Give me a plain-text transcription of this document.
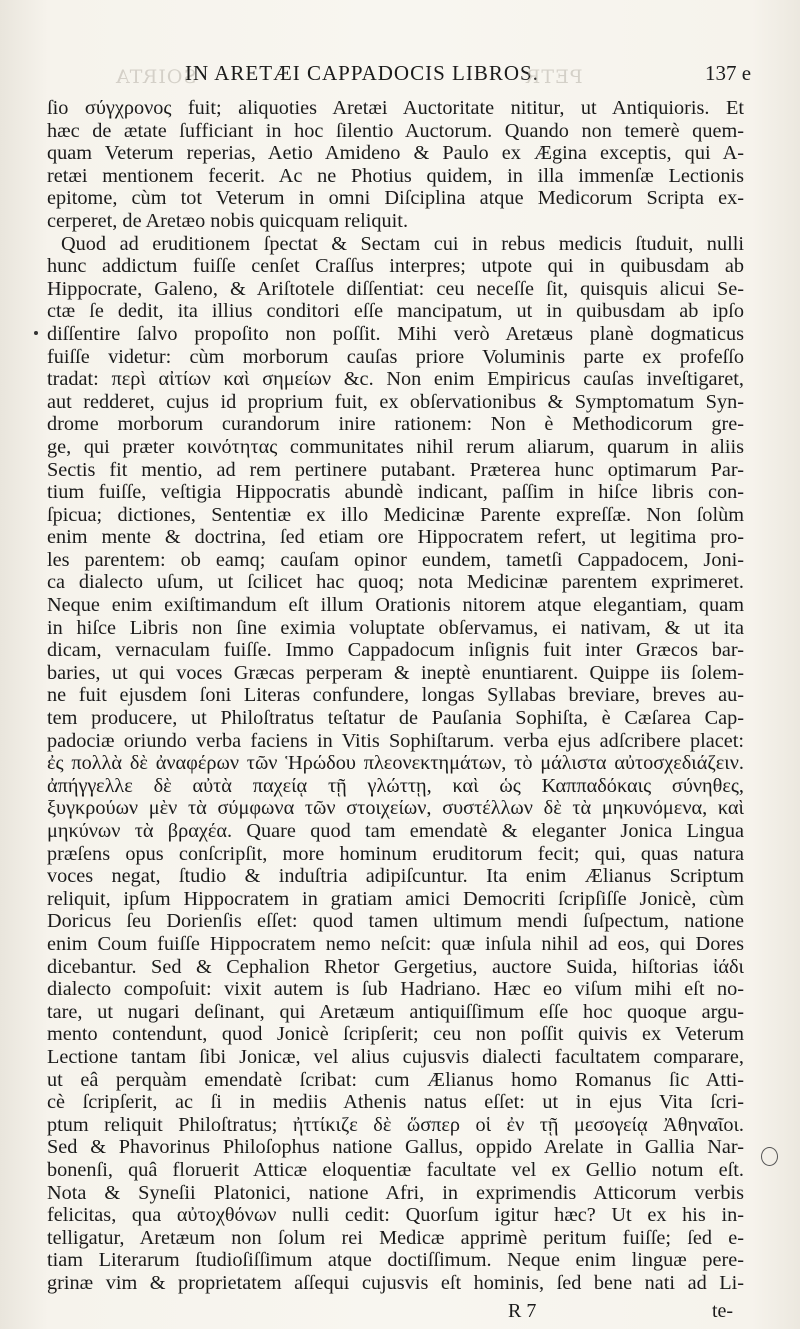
SOIRTA
IN ARETÆI CAPPADOCIS LIBROS.
PETR	137 e
ſio σύγχρονος fuit; aliquoties Aretæi Auctoritate nititur, ut Antiquioris. Et
hæc de ætate ſufficiant in hoc ſilentio Auctorum. Quando non temerè quem-
quam Veterum reperias, Aetio Amideno & Paulo ex Ægina exceptis, qui A-
retæi mentionem fecerit. Ac ne Photius quidem, in illa immenſæ Lectionis
epitome, cùm tot Veterum in omni Diſciplina atque Medicorum Scripta ex-
cerperet, de Aretæo nobis quicquam reliquit.
Quod ad eruditionem ſpectat & Sectam cui in rebus medicis ſtuduit, nulli
hunc addictum fuiſſe cenſet Craſſus interpres; utpote qui in quibusdam ab
Hippocrate, Galeno, & Ariſtotele diſſentiat: ceu neceſſe ſit, quisquis alicui Se-
ctæ ſe dedit, ita illius conditori eſſe mancipatum, ut in quibusdam ab ipſo
diſſentire ſalvo propoſito non poſſit. Mihi verò Aretæus planè dogmaticus
fuiſſe videtur: cùm morborum cauſas priore Voluminis parte ex profeſſo
tradat: περὶ αἰτίων καὶ σημείων &c. Non enim Empiricus cauſas inveſtigaret,
aut redderet, cujus id proprium fuit, ex obſervationibus & Symptomatum Syn-
drome morborum curandorum inire rationem: Non è Methodicorum gre-
ge, qui præter κοινότητας communitates nihil rerum aliarum, quarum in aliis
Sectis fit mentio, ad rem pertinere putabant. Præterea hunc optimarum Par-
tium fuiſſe, veſtigia Hippocratis abundè indicant, paſſim in hiſce libris con-
ſpicua; dictiones, Sententiæ ex illo Medicinæ Parente expreſſæ. Non ſolùm
enim mente & doctrina, ſed etiam ore Hippocratem refert, ut legitima pro-
les parentem: ob eamq; cauſam opinor eundem, tametſi Cappadocem, Joni-
ca dialecto uſum, ut ſcilicet hac quoq; nota Medicinæ parentem exprimeret.
Neque enim exiſtimandum eſt illum Orationis nitorem atque elegantiam, quam
in hiſce Libris non ſine eximia voluptate obſervamus, ei nativam, & ut ita
dicam, vernaculam fuiſſe. Immo Cappadocum inſignis fuit inter Græcos bar-
baries, ut qui voces Græcas perperam & ineptè enuntiarent. Quippe iis ſolem-
ne fuit ejusdem ſoni Literas confundere, longas Syllabas breviare, breves au-
tem producere, ut Philoſtratus teſtatur de Pauſania Sophiſta, è Cæſarea Cap-
padociæ oriundo verba faciens in Vitis Sophiſtarum. verba ejus adſcribere placet:
ἐς πολλὰ δὲ ἀναφέρων τῶν Ἡρώδου πλεονεκτημάτων, τὸ μάλιστα αὐτοσχεδιάζειν.
ἀπήγγελλε δὲ αὐτὰ παχείᾳ τῇ γλώττῃ, καὶ ὡς Καππαδόκαις σύνηθες,
ξυγκρούων μὲν τὰ σύμφωνα τῶν στοιχείων, συστέλλων δὲ τὰ μηκυνόμενα, καὶ
μηκύνων τὰ βραχέα. Quare quod tam emendatè & eleganter Jonica Lingua
præſens opus conſcripſit, more hominum eruditorum fecit; qui, quas natura
voces negat, ſtudio & induſtria adipiſcuntur. Ita enim Ælianus Scriptum
reliquit, ipſum Hippocratem in gratiam amici Democriti ſcripſiſſe Jonicè, cùm
Doricus ſeu Dorienſis eſſet: quod tamen ultimum mendi ſuſpectum, natione
enim Coum fuiſſe Hippocratem nemo neſcit: quæ inſula nihil ad eos, qui Dores
dicebantur. Sed & Cephalion Rhetor Gergetius, auctore Suida, hiſtorias ἰάδι
dialecto compoſuit: vixit autem is ſub Hadriano. Hæc eo viſum mihi eſt no-
tare, ut nugari deſinant, qui Aretæum antiquiſſimum eſſe hoc quoque argu-
mento contendunt, quod Jonicè ſcripſerit; ceu non poſſit quivis ex Veterum
Lectione tantam ſibi Jonicæ, vel alius cujusvis dialecti facultatem comparare,
ut eâ perquàm emendatè ſcribat: cum Ælianus homo Romanus ſic Atti-
cè ſcripſerit, ac ſi in mediis Athenis natus eſſet: ut in ejus Vita ſcri-
ptum reliquit Philoſtratus; ἠττίκιζε δὲ ὥσπερ οἱ ἐν τῇ μεσογείᾳ Ἀθηναῖοι.
Sed & Phavorinus Philoſophus natione Gallus, oppido Arelate in Gallia Nar-
bonenſi, quâ floruerit Atticæ eloquentiæ facultate vel ex Gellio notum eſt.
Nota & Syneſii Platonici, natione Afri, in exprimendis Atticorum verbis
felicitas, qua αὐτοχθόνων nulli cedit: Quorſum igitur hæc? Ut ex his in-
telligatur, Aretæum non ſolum rei Medicæ apprimè peritum fuiſſe; ſed e-
tiam Literarum ſtudioſiſſimum atque doctiſſimum. Neque enim linguæ pere-
grinæ vim & proprietatem aſſequi cujusvis eſt hominis, ſed bene nati ad Li-
R 7	te-
